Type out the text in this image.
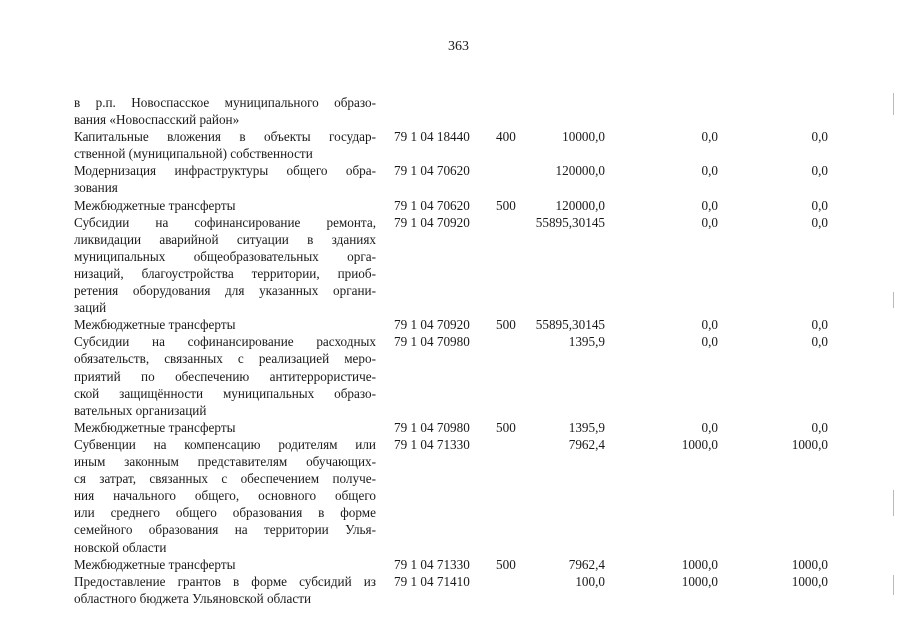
363
в р.п. Новоспасское муниципального образо-
вания «Новоспасский район»
Капитальные вложения в объекты государ-
ственной (муниципальной) собственности
79 1 04 18440 400	10000,0	0,0	0,0
Модернизация инфраструктуры общего обра-
зования
79 1 04 70620	120000,0	0,0	0,0
Межбюджетные трансферты	79 1 04 70620 500	120000,0	0,0	0,0
Субсидии на софинансирование ремонта,
ликвидации аварийной ситуации в зданиях
муниципальных общеобразовательных орга-
низаций, благоустройства территории, приоб-
ретения оборудования для указанных органи-
заций
79 1 04 70920	55895,30145	0,0	0,0
Межбюджетные трансферты	79 1 04 70920 500 55895,30145	0,0	0,0
Субсидии на софинансирование расходных
обязательств, связанных с реализацией меро-
приятий по обеспечению антитеррористиче-
ской защищённости муниципальных образо-
вательных организаций
79 1 04 70980	1395,9	0,0	0,0
Межбюджетные трансферты	79 1 04 70980 500	1395,9	0,0	0,0
Субвенции на компенсацию родителям или
иным законным представителям обучающих-
ся затрат, связанных с обеспечением получе-
ния начального общего, основного общего
или среднего общего образования в форме
семейного образования на территории Улья-
новской области
79 1 04 71330	7962,4	1000,0	1000,0
Межбюджетные трансферты	79 1 04 71330 500	7962,4	1000,0	1000,0
Предоставление грантов в форме субсидий из
областного бюджета Ульяновской области
79 1 04 71410	100,0	1000,0	1000,0
